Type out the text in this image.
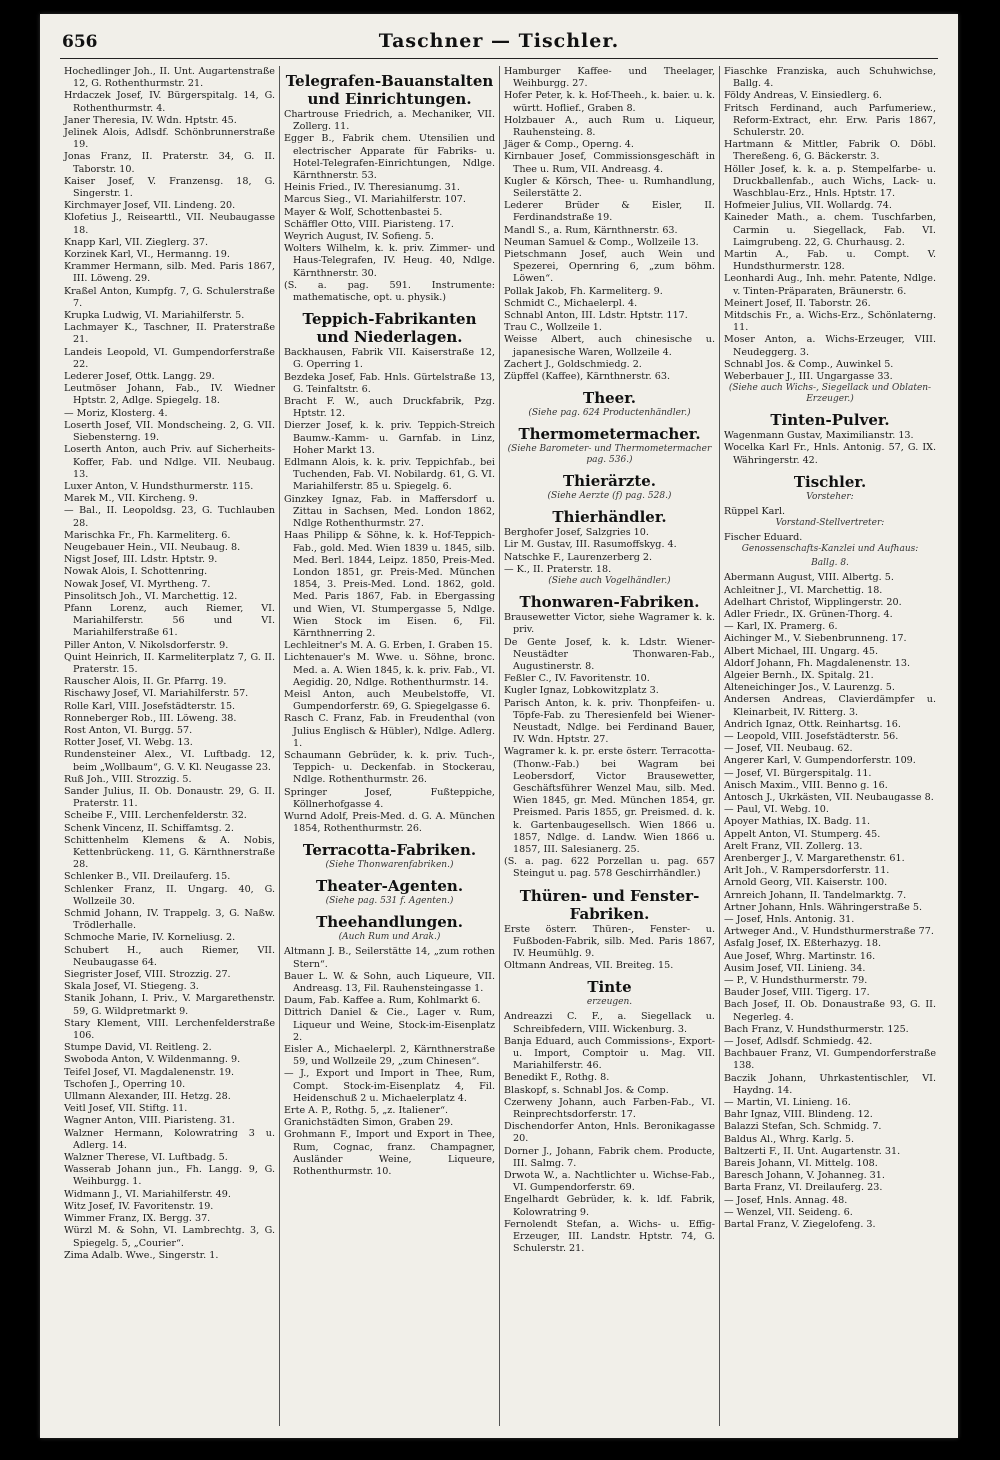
656	Taschner — Tischler.
Hochedlinger Joh., II. Unt. Augartenstraße 12, G. Rothenthurmstr. 21.
Hrdaczek Josef, IV. Bürgerspitalg. 14, G. Rothenthurmstr. 4.
Janer Theresia, IV. Wdn. Hptstr. 45.
Jelinek Alois, Adlsdf. Schönbrunnerstraße 19.
Jonas Franz, II. Praterstr. 34, G. II. Taborstr. 10.
Kaiser Josef, V. Franzensg. 18, G. Singerstr. 1.
Kirchmayer Josef, VII. Lindeng. 20.
Klofetius J., Reisearttl., VII. Neubaugasse 18.
Knapp Karl, VII. Zieglerg. 37.
Korzinek Karl, VI., Hermanng. 19.
Krammer Hermann, silb. Med. Paris 1867, III. Löweng. 29.
Kraßel Anton, Kumpfg. 7, G. Schulerstraße 7.
Krupka Ludwig, VI. Mariahilferstr. 5.
Lachmayer K., Taschner, II. Praterstraße 21.
Landeis Leopold, VI. Gumpendorferstraße 22.
Lederer Josef, Ottk. Langg. 29.
Leutmöser Johann, Fab., IV. Wiedner Hptstr. 2, Adlge. Spiegelg. 18.
— Moriz, Klosterg. 4.
Loserth Josef, VII. Mondscheing. 2, G. VII. Siebensterng. 19.
Loserth Anton, auch Priv. auf Sicherheits-Koffer, Fab. und Ndlge. VII. Neubaug. 13.
Luxer Anton, V. Hundsthurmerstr. 115.
Marek M., VII. Kircheng. 9.
— Bal., II. Leopoldsg. 23, G. Tuchlauben 28.
Marischka Fr., Fh. Karmeliterg. 6.
Neugebauer Hein., VII. Neubaug. 8.
Nigst Josef, III. Ldstr. Hptstr. 9.
Nowak Alois, I. Schottenring.
Nowak Josef, VI. Myrtheng. 7.
Pinsolitsch Joh., VI. Marchettig. 12.
Pfann Lorenz, auch Riemer, VI. Mariahilferstr. 56 und VI. Mariahilferstraße 61.
Piller Anton, V. Nikolsdorferstr. 9.
Quint Heinrich, II. Karmeliterplatz 7, G. II. Praterstr. 15.
Rauscher Alois, II. Gr. Pfarrg. 19.
Rischawy Josef, VI. Mariahilferstr. 57.
Rolle Karl, VIII. Josefstädterstr. 15.
Ronneberger Rob., III. Löweng. 38.
Rost Anton, VI. Burgg. 57.
Rotter Josef, VI. Webg. 13.
Rundensteiner Alex., VI. Luftbadg. 12, beim „Wollbaum“, G. V. Kl. Neugasse 23.
Ruß Joh., VIII. Strozzig. 5.
Sander Julius, II. Ob. Donaustr. 29, G. II. Praterstr. 11.
Scheibe F., VIII. Lerchenfelderstr. 32.
Schenk Vincenz, II. Schiffamtsg. 2.
Schittenhelm Klemens & A. Nobis, Kettenbrückeng. 11, G. Kärnthnerstraße 28.
Schlenker B., VII. Dreilauferg. 15.
Schlenker Franz, II. Ungarg. 40, G. Wollzeile 30.
Schmid Johann, IV. Trappelg. 3, G. Naßw. Trödlerhalle.
Schmoche Marie, IV. Korneliusg. 2.
Schubert H., auch Riemer, VII. Neubaugasse 64.
Siegrister Josef, VIII. Strozzig. 27.
Skala Josef, VI. Stiegeng. 3.
Stanik Johann, I. Priv., V. Margarethenstr. 59, G. Wildpretmarkt 9.
Stary Klement, VIII. Lerchenfelderstraße 106.
Stumpe David, VI. Reitleng. 2.
Swoboda Anton, V. Wildenmanng. 9.
Teifel Josef, VI. Magdalenenstr. 19.
Tschofen J., Operring 10.
Ullmann Alexander, III. Hetzg. 28.
Veitl Josef, VII. Stiftg. 11.
Wagner Anton, VIII. Piaristeng. 31.
Walzner Hermann, Kolowratring 3 u. Adlerg. 14.
Walzner Therese, VI. Luftbadg. 5.
Wasserab Johann jun., Fh. Langg. 9, G. Weihburgg. 1.
Widmann J., VI. Mariahilferstr. 49.
Witz Josef, IV. Favoritenstr. 19.
Wimmer Franz, IX. Bergg. 37.
Würzl M. & Sohn, VI. Lambrechtg. 3, G. Spiegelg. 5, „Courier“.
Zima Adalb. Wwe., Singerstr. 1.
Telegrafen-Bauanstalten und Einrichtungen.
Chartrouse Friedrich, a. Mechaniker, VII. Zollerg. 11.
Egger B., Fabrik chem. Utensilien und electrischer Apparate für Fabriks- u. Hotel-Telegrafen-Einrichtungen, Ndlge. Kärnthnerstr. 53.
Heinis Fried., IV. Theresianumg. 31.
Marcus Sieg., VI. Mariahilferstr. 107.
Mayer & Wolf, Schottenbastei 5.
Schäffler Otto, VIII. Piaristeng. 17.
Weyrich August, IV. Sofieng. 5.
Wolters Wilhelm, k. k. priv. Zimmer- und Haus-Telegrafen, IV. Heug. 40, Ndlge. Kärnthnerstr. 30.
(S. a. pag. 591. Instrumente: mathematische, opt. u. physik.)
Teppich-Fabrikanten und Niederlagen.
Backhausen, Fabrik VII. Kaiserstraße 12, G. Operring 1.
Bezdeka Josef, Fab. Hnls. Gürtelstraße 13, G. Teinfaltstr. 6.
Bracht F. W., auch Druckfabrik, Pzg. Hptstr. 12.
Dierzer Josef, k. k. priv. Teppich-Streich Baumw.-Kamm- u. Garnfab. in Linz, Hoher Markt 13.
Edlmann Alois, k. k. priv. Teppichfab., bei Tuchenden, Fab. VI. Nobilardg. 61, G. VI. Mariahilferstr. 85 u. Spiegelg. 6.
Ginzkey Ignaz, Fab. in Maffersdorf u. Zittau in Sachsen, Med. London 1862, Ndlge Rothenthurmstr. 27.
Haas Philipp & Söhne, k. k. Hof-Teppich-Fab., gold. Med. Wien 1839 u. 1845, silb. Med. Berl. 1844, Leipz. 1850, Preis-Med. London 1851, gr. Preis-Med. München 1854, 3. Preis-Med. Lond. 1862, gold. Med. Paris 1867, Fab. in Ebergassing und Wien, VI. Stumpergasse 5, Ndlge. Wien Stock im Eisen. 6, Fil. Kärnthnerring 2.
Lechleitner's M. A. G. Erben, I. Graben 15.
Lichtenauer's M. Wwe. u. Söhne, bronc. Med. a. A. Wien 1845, k. k. priv. Fab., VI. Aegidig. 20, Ndlge. Rothenthurmstr. 14.
Meisl Anton, auch Meubelstoffe, VI. Gumpendorferstr. 69, G. Spiegelgasse 6.
Rasch C. Franz, Fab. in Freudenthal (von Julius Englisch & Hübler), Ndlge. Adlerg. 1.
Schaumann Gebrüder, k. k. priv. Tuch-, Teppich- u. Deckenfab. in Stockerau, Ndlge. Rothenthurmstr. 26.
Springer Josef, Fußteppiche, Köllnerhofgasse 4.
Wurnd Adolf, Preis-Med. d. G. A. München 1854, Rothenthurmstr. 26.
Terracotta-Fabriken.
(Siehe Thonwarenfabriken.)
Theater-Agenten.
(Siehe pag. 531 f. Agenten.)
Theehandlungen.
(Auch Rum und Arak.)
Altmann J. B., Seilerstätte 14, „zum rothen Stern“.
Bauer L. W. & Sohn, auch Liqueure, VII. Andreasg. 13, Fil. Rauhensteingasse 1.
Daum, Fab. Kaffee a. Rum, Kohlmarkt 6.
Dittrich Daniel & Cie., Lager v. Rum, Liqueur und Weine, Stock-im-Eisenplatz 2.
Eisler A., Michaelerpl. 2, Kärnthnerstraße 59, und Wollzeile 29, „zum Chinesen“.
— J., Export und Import in Thee, Rum, Compt. Stock-im-Eisenplatz 4, Fil. Heidenschuß 2 u. Michaelerplatz 4.
Erte A. P., Rothg. 5, „z. Italiener“.
Granichstädten Simon, Graben 29.
Grohmann F., Import und Export in Thee, Rum, Cognac, franz. Champagner, Ausländer Weine, Liqueure, Rothenthurmstr. 10.
Hamburger Kaffee- und Theelager, Weihburgg. 27.
Hofer Peter, k. k. Hof-Theeh., k. baier. u. k. württ. Hoflief., Graben 8.
Holzbauer A., auch Rum u. Liqueur, Rauhensteing. 8.
Jäger & Comp., Operng. 4.
Kirnbauer Josef, Commissionsgeschäft in Thee u. Rum, VII. Andreasg. 4.
Kugler & Körsch, Thee- u. Rumhandlung, Seilerstätte 2.
Lederer Brüder & Eisler, II. Ferdinandstraße 19.
Mandl S., a. Rum, Kärnthnerstr. 63.
Neuman Samuel & Comp., Wollzeile 13.
Pietschmann Josef, auch Wein und Spezerei, Opernring 6, „zum böhm. Löwen“.
Pollak Jakob, Fh. Karmeliterg. 9.
Schmidt C., Michaelerpl. 4.
Schnabl Anton, III. Ldstr. Hptstr. 117.
Trau C., Wollzeile 1.
Weisse Albert, auch chinesische u. japanesische Waren, Wollzeile 4.
Zachert J., Goldschmiedg. 2.
Züpffel (Kaffee), Kärnthnerstr. 63.
Theer.
(Siehe pag. 624 Productenhändler.)
Thermometermacher.
(Siehe Barometer- und Thermometermacher pag. 536.)
Thierärzte.
(Siehe Aerzte (f) pag. 528.)
Thierhändler.
Berghofer Josef, Salzgries 10.
Lir M. Gustav, III. Rasumoffskyg. 4.
Natschke F., Laurenzerberg 2.
— K., II. Praterstr. 18.
(Siehe auch Vogelhändler.)
Thonwaren-Fabriken.
Brausewetter Victor, siehe Wagramer k. k. priv.
De Gente Josef, k. k. Ldstr. Wiener-Neustädter Thonwaren-Fab., Augustinerstr. 8.
Feßler C., IV. Favoritenstr. 10.
Kugler Ignaz, Lobkowitzplatz 3.
Parisch Anton, k. k. priv. Thonpfeifen- u. Töpfe-Fab. zu Theresienfeld bei Wiener-Neustadt, Ndlge. bei Ferdinand Bauer, IV. Wdn. Hptstr. 27.
Wagramer k. k. pr. erste österr. Terracotta- (Thonw.-Fab.) bei Wagram bei Leobersdorf, Victor Brausewetter, Geschäftsführer Wenzel Mau, silb. Med. Wien 1845, gr. Med. München 1854, gr. Preismed. Paris 1855, gr. Preismed. d. k. k. Gartenbaugesellsch. Wien 1866 u. 1857, Ndlge. d. Landw. Wien 1866 u. 1857, III. Salesianerg. 25.
(S. a. pag. 622 Porzellan u. pag. 657 Steingut u. pag. 578 Geschirrhändler.)
Thüren- und Fenster-Fabriken.
Erste österr. Thüren-, Fenster- u. Fußboden-Fabrik, silb. Med. Paris 1867, IV. Heumühlg. 9.
Oltmann Andreas, VII. Breiteg. 15.
Tinte
erzeugen.
Andreazzi C. F., a. Siegellack u. Schreibfedern, VIII. Wickenburg. 3.
Banja Eduard, auch Commissions-, Export- u. Import, Comptoir u. Mag. VII. Mariahilferstr. 46.
Benedikt F., Rothg. 8.
Blaskopf, s. Schnabl Jos. & Comp.
Czerweny Johann, auch Farben-Fab., VI. Reinprechtsdorferstr. 17.
Dischendorfer Anton, Hnls. Beronikagasse 20.
Dorner J., Johann, Fabrik chem. Producte, III. Salmg. 7.
Drwota W., a. Nachtlichter u. Wichse-Fab., VI. Gumpendorferstr. 69.
Engelhardt Gebrüder, k. k. ldf. Fabrik, Kolowratring 9.
Fernolendt Stefan, a. Wichs- u. Effig-Erzeuger, III. Landstr. Hptstr. 74, G. Schulerstr. 21.
Fiaschke Franziska, auch Schuhwichse, Ballg. 4.
Földy Andreas, V. Einsiedlerg. 6.
Fritsch Ferdinand, auch Parfumeriew., Reform-Extract, ehr. Erw. Paris 1867, Schulerstr. 20.
Hartmann & Mittler, Fabrik O. Döbl. Thereßeng. 6, G. Bäckerstr. 3.
Höller Josef, k. k. a. p. Stempelfarbe- u. Druckballenfab., auch Wichs, Lack- u. Waschblau-Erz., Hnls. Hptstr. 17.
Hofmeier Julius, VII. Wollardg. 74.
Kaineder Math., a. chem. Tuschfarben, Carmin u. Siegellack, Fab. VI. Laimgrubeng. 22, G. Churhausg. 2.
Martin A., Fab. u. Compt. V. Hundsthurmerstr. 128.
Leonhardi Aug., Inh. mehr. Patente, Ndlge. v. Tinten-Präparaten, Bräunerstr. 6.
Meinert Josef, II. Taborstr. 26.
Mitdschis Fr., a. Wichs-Erz., Schönlaterng. 11.
Moser Anton, a. Wichs-Erzeuger, VIII. Neudeggerg. 3.
Schnabl Jos. & Comp., Auwinkel 5.
Weberbauer J., III. Ungargasse 33.
(Siehe auch Wichs-, Siegellack und Oblaten-Erzeuger.)
Tinten-Pulver.
Wagenmann Gustav, Maximilianstr. 13.
Wocelka Karl Fr., Hnls. Antonig. 57, G. IX. Währingerstr. 42.
Tischler.
Vorsteher:
Rüppel Karl.
Vorstand-Stellvertreter:
Fischer Eduard.
Genossenschafts-Kanzlei und Aufhaus:
Ballg. 8.
Abermann August, VIII. Albertg. 5.
Achleitner J., VI. Marchettig. 18.
Adelhart Christof, Wipplingerstr. 20.
Adler Friedr., IX. Grünen-Thorg. 4.
— Karl, IX. Pramerg. 6.
Aichinger M., V. Siebenbrunneng. 17.
Albert Michael, III. Ungarg. 45.
Aldorf Johann, Fh. Magdalenenstr. 13.
Algeier Bernh., IX. Spitalg. 21.
Alteneichinger Jos., V. Laurenzg. 5.
Andersen Andreas, Clavierdämpfer u. Kleinarbeit, IV. Ritterg. 3.
Andrich Ignaz, Ottk. Reinhartsg. 16.
— Leopold, VIII. Josefstädterstr. 56.
— Josef, VII. Neubaug. 62.
Angerer Karl, V. Gumpendorferstr. 109.
— Josef, VI. Bürgerspitalg. 11.
Anisch Maxim., VIII. Benno g. 16.
Antosch J., Ukrkästen, VII. Neubaugasse 8.
— Paul, VI. Webg. 10.
Apoyer Mathias, IX. Badg. 11.
Appelt Anton, VI. Stumperg. 45.
Arelt Franz, VII. Zollerg. 13.
Arenberger J., V. Margarethenstr. 61.
Arlt Joh., V. Rampersdorferstr. 11.
Arnold Georg, VII. Kaiserstr. 100.
Arnreich Johann, II. Tandelmarktg. 7.
Artner Johann, Hnls. Währingerstraße 5.
— Josef, Hnls. Antonig. 31.
Artweger And., V. Hundsthurmerstraße 77.
Asfalg Josef, IX. Eßterhazyg. 18.
Aue Josef, Whrg. Martinstr. 16.
Ausim Josef, VII. Linieng. 34.
— P., V. Hundsthurmerstr. 79.
Bauder Josef, VIII. Tigerg. 17.
Bach Josef, II. Ob. Donaustraße 93, G. II. Negerleg. 4.
Bach Franz, V. Hundsthurmerstr. 125.
— Josef, Adlsdf. Schmiedg. 42.
Bachbauer Franz, VI. Gumpendorferstraße 138.
Baczik Johann, Uhrkastentischler, VI. Haydng. 14.
— Martin, VI. Linieng. 16.
Bahr Ignaz, VIII. Blindeng. 12.
Balazzi Stefan, Sch. Schmidg. 7.
Baldus Al., Whrg. Karlg. 5.
Baltzerti F., II. Unt. Augartenstr. 31.
Bareis Johann, VI. Mittelg. 108.
Baresch Johann, V. Johanneg. 31.
Barta Franz, VI. Dreilauferg. 23.
— Josef, Hnls. Annag. 48.
— Wenzel, VII. Seideng. 6.
Bartal Franz, V. Ziegelofeng. 3.
